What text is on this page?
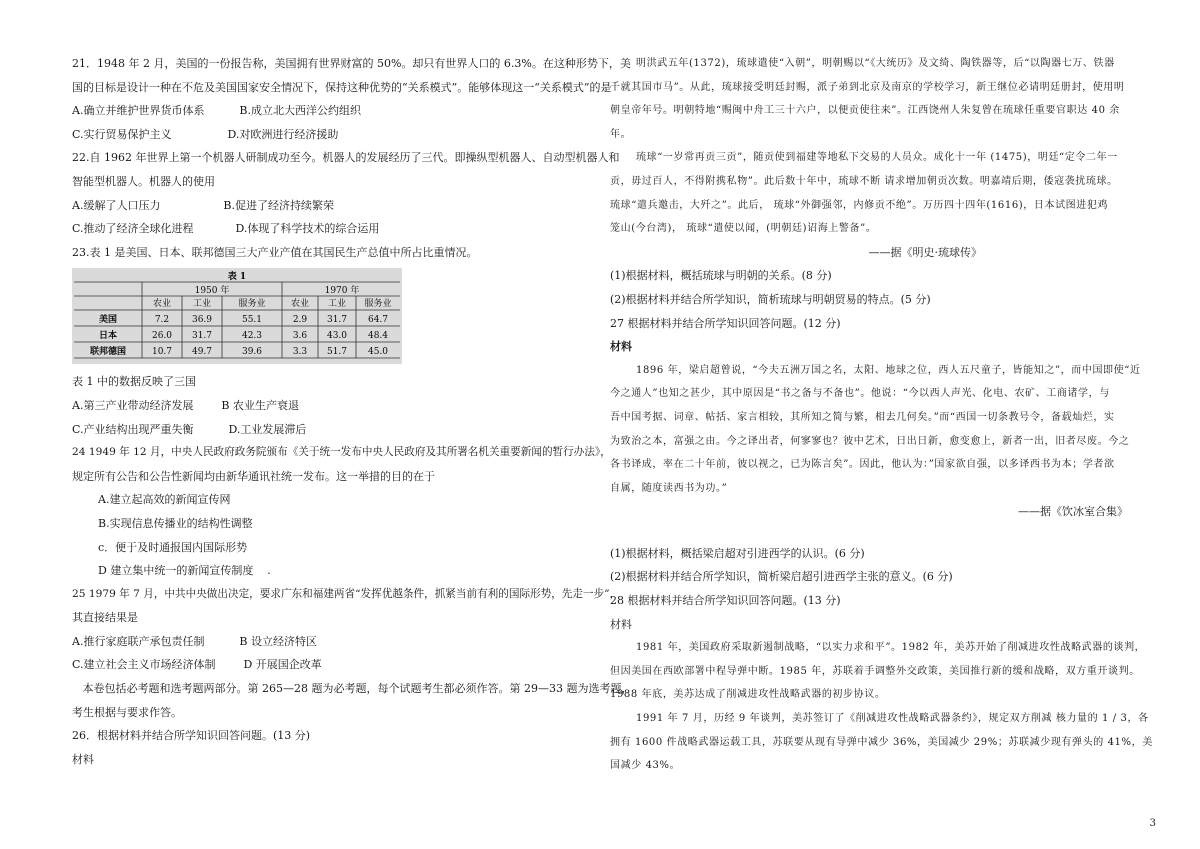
21．1948 年 2 月，美国的一份报告称，美国拥有世界财富的 50%。却只有世界人口的 6.3%。在这种形势下，美
国的目标是设计一种在不危及美国国家安全情况下，保持这种优势的“关系模式”。能够体现这一“关系模式”的是
A.确立并维护世界货币体系          B.成立北大西洋公约组织
C.实行贸易保护主义                D.对欧洲进行经济援助
22.自 1962 年世界上第一个机器人研制成功至今。机器人的发展经历了三代。即操纵型机器人、自动型机器人和
智能型机器人。机器人的使用
A.缓解了人口压力                  B.促进了经济持续繁荣
C.推动了经济全球化进程            D.体现了科学技术的综合运用
23.表 1 是美国、日本、联邦德国三大产业产值在其国民生产总值中所占比重情况。
表 1
1950 年	1970 年
农业 工业	服务业	农业 工业 服务业
美国	7.2	36.9	55.1	2.9 31.7 64.7
日本	26.0 31.7	42.3	3.6 43.0 48.4
联邦德国	10.7 49.7	39.6	3.3 51.7 45.0
表 1 中的数据反映了三国
A.第三产业带动经济发展        B 农业生产衰退
C.产业结构出现严重失衡          D.工业发展滞后
24 1949 年 12 月，中央人民政府政务院颁布《关于统一发布中央人民政府及其所署名机关重要新闻的暂行办法》，
规定所有公告和公告性新闻均由新华通讯社统一发布。这一举措的目的在于
A.建立起高效的新闻宣传网
B.实现信息传播业的结构性调整
c．便于及时通报国内国际形势
D 建立集中统一的新闻宣传制度    .
25 1979 年 7 月，中共中央做出决定，要求广东和福建两省“发挥优越条件，抓紧当前有利的国际形势，先走一步”，
其直接结果是
A.推行家庭联产承包责任制          B 设立经济特区
C.建立社会主义市场经济体制        D 开展国企改革
本卷包括必考题和选考题两部分。第 265—28 题为必考题，每个试题考生都必须作答。第 29—33 题为选考题，
考生根据与要求作答。
26．根据材料并结合所学知识回答问题。(13 分)
材料
明洪武五年(1372)，琉球遣使“入朝”，明朝赐以“《大统历》及文绮、陶铁器等，后“以陶器七万、铁器
千就其国市马”。从此，琉球接受明廷封赐，派子弟到北京及南京的学校学习，新王继位必请明廷册封，使用明
朝皇帝年号。明朝特地“赐闽中舟工三十六户，以便贡使往来”。江西饶州人朱复曾在琉球任重要官职达 40 余
年。
琉球“一岁常再贡三贡”，随贡使到福建等地私下交易的人员众。成化十一年 (1475)，明廷“定令二年一
贡，毋过百人，不得附携私物”。此后数十年中，琉球不断 请求增加朝贡次数。明嘉靖后期，倭寇袭扰琉球。
琉球“遣兵邀击，大歼之”。此后， 琉球“外御强邻，内修贡不绝”。万历四十四年(1616)，日本试图进犯鸡
笼山(今台湾)， 琉球“遣使以闻，(明朝廷)诏海上警备”。
——据《明史·琉球传》
(1)根据材料，概括琉球与明朝的关系。(8 分)
(2)根据材料并结合所学知识，简析琉球与明朝贸易的特点。(5 分)
27 根据材料并结合所学知识回答问题。(12 分)
材料
1896 年，梁启超曾说，“今夫五洲万国之名，太阳、地球之位，西人五尺童子，皆能知之”，而中国即使“近
今之通人”也知之甚少，其中原因是“书之备与不备也”。他说：“今以西人声光、化电、农矿、工商诸学，与
吾中国考据、词章、帖括、家言相较，其所知之简与繁，相去几何矣。”而“西国一切条教号令，备载灿烂，实
为致治之本，富强之由。今之译出者，何寥寥也？彼中艺术，日出日新，愈变愈上，新者一出，旧者尽废。今之
各书译成，率在二十年前，彼以视之，已为陈言矣”。因此，他认为：”国家欲自强，以多译西书为本；学者欲
自属，随度读西书为功。”
——据《饮冰室合集》
(1)根据材料，概括梁启超对引进西学的认识。(6 分)
(2)根据材料并结合所学知识，简析梁启超引进西学主张的意义。(6 分)
28 根据材料并结合所学知识回答问题。(13 分)
材料
1981 年，美国政府采取新遏制战略，“以实力求和平”。1982 年，美苏开始了削减进攻性战略武器的谈判，
但因美国在西欧部署中程导弹中断。1985 年，苏联着手调整外交政策，美国推行新的缓和战略，双方重开谈判。
1988 年底，美苏达成了削减进攻性战略武器的初步协议。
1991 年 7 月，历经 9 年谈判，美苏签订了《削减进攻性战略武器条约》，规定双方削减 核力量的 1 / 3，各
拥有 1600 件战略武器运载工具，苏联要从现有导弹中减少 36%，美国减少 29%；苏联减少现有弹头的 41%，美
国减少 43%。
3
